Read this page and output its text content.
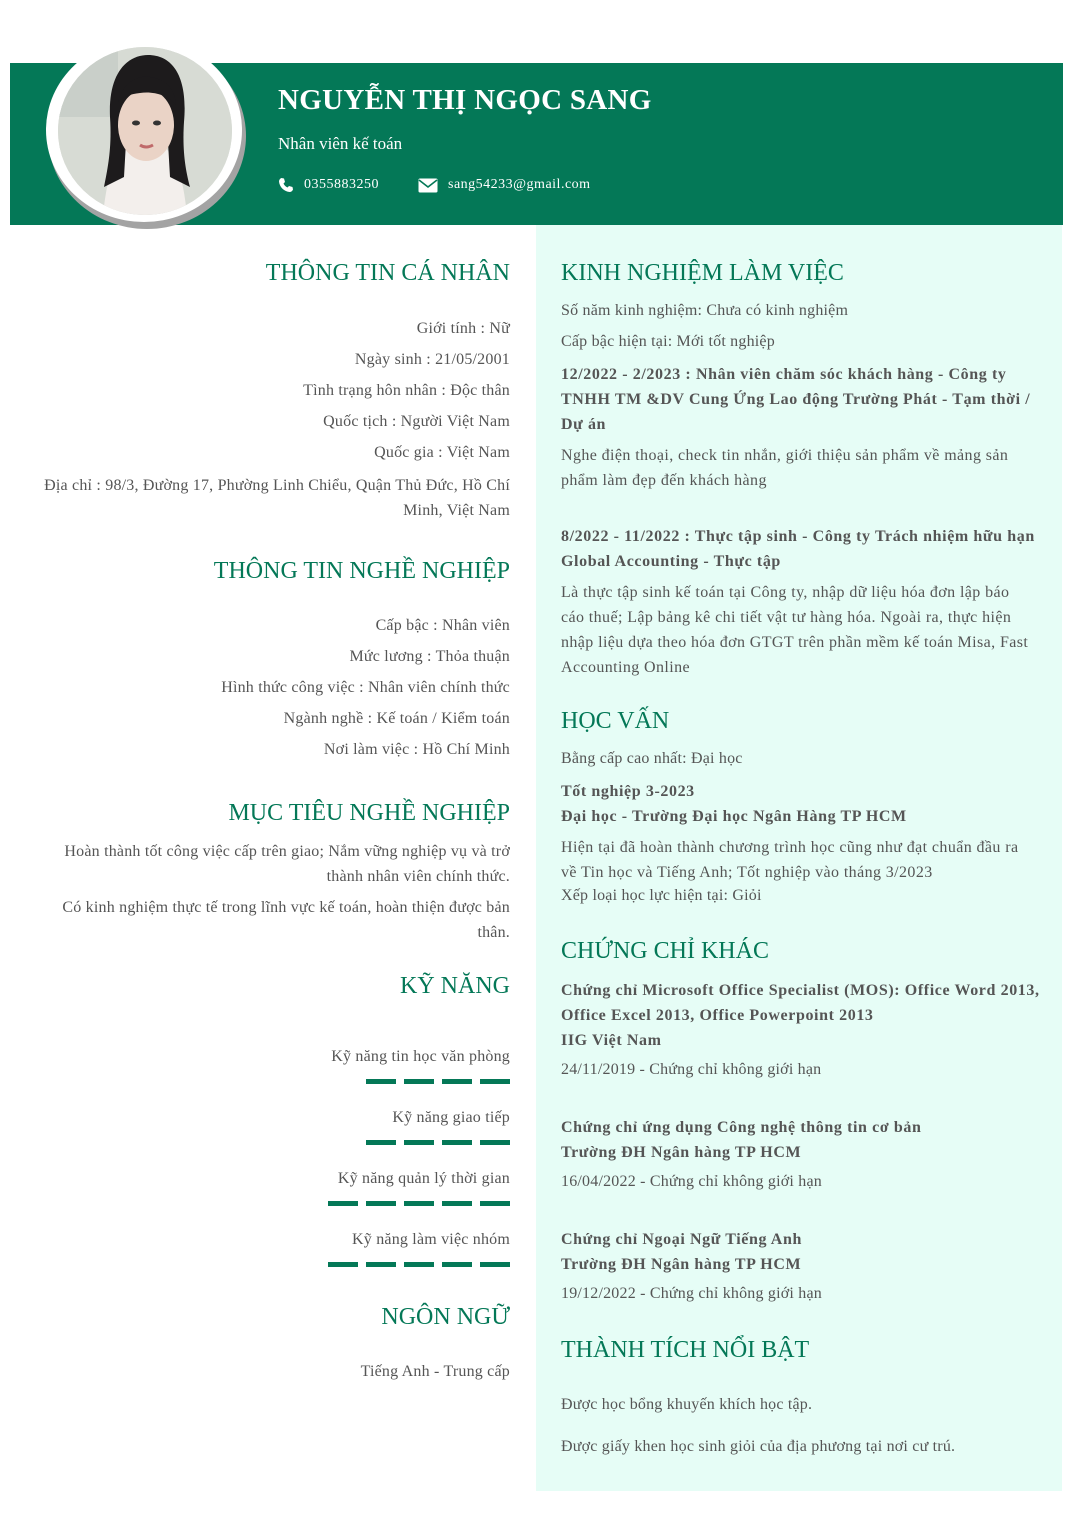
NGUYỄN THỊ NGỌC SANG
Nhân viên kế toán
0355883250	sang54233@gmail.com
THÔNG TIN CÁ NHÂN
Giới tính : Nữ
Ngày sinh : 21/05/2001
Tình trạng hôn nhân : Độc thân
Quốc tịch : Người Việt Nam
Quốc gia : Việt Nam
Địa chỉ : 98/3, Đường 17, Phường Linh Chiểu, Quận Thủ Đức, Hồ Chí Minh, Việt Nam
THÔNG TIN NGHỀ NGHIỆP
Cấp bậc : Nhân viên
Mức lương : Thỏa thuận
Hình thức công việc : Nhân viên chính thức
Ngành nghề : Kế toán / Kiểm toán
Nơi làm việc : Hồ Chí Minh
MỤC TIÊU NGHỀ NGHIỆP
Hoàn thành tốt công việc cấp trên giao; Nắm vững nghiệp vụ và trở thành nhân viên chính thức.
Có kinh nghiệm thực tế trong lĩnh vực kế toán, hoàn thiện được bản thân.
KỸ NĂNG
Kỹ năng tin học văn phòng
Kỹ năng giao tiếp
Kỹ năng quản lý thời gian
Kỹ năng làm việc nhóm
NGÔN NGỮ
Tiếng Anh - Trung cấp
KINH NGHIỆM LÀM VIỆC
Số năm kinh nghiệm: Chưa có kinh nghiệm
Cấp bậc hiện tại: Mới tốt nghiệp
12/2022 - 2/2023 : Nhân viên chăm sóc khách hàng - Công ty TNHH TM &DV Cung Ứng Lao động Trường Phát - Tạm thời / Dự án
Nghe điện thoại, check tin nhắn, giới thiệu sản phẩm về mảng sản phẩm làm đẹp đến khách hàng
8/2022 - 11/2022 : Thực tập sinh - Công ty Trách nhiệm hữu hạn Global Accounting - Thực tập
Là thực tập sinh kế toán tại Công ty, nhập dữ liệu hóa đơn lập báo cáo thuế; Lập bảng kê chi tiết vật tư hàng hóa. Ngoài ra, thực hiện nhập liệu dựa theo hóa đơn GTGT trên phần mềm kế toán Misa, Fast Accounting Online
HỌC VẤN
Bằng cấp cao nhất: Đại học
Tốt nghiệp 3-2023
Đại học - Trường Đại học Ngân Hàng TP HCM
Hiện tại đã hoàn thành chương trình học cũng như đạt chuẩn đầu ra về Tin học và Tiếng Anh; Tốt nghiệp vào tháng 3/2023
Xếp loại học lực hiện tại: Giỏi
CHỨNG CHỈ KHÁC
Chứng chỉ Microsoft Office Specialist (MOS): Office Word 2013, Office Excel 2013, Office Powerpoint 2013
IIG Việt Nam
24/11/2019 - Chứng chỉ không giới hạn
Chứng chỉ ứng dụng Công nghệ thông tin cơ bản
Trường ĐH Ngân hàng TP HCM
16/04/2022 - Chứng chỉ không giới hạn
Chứng chỉ Ngoại Ngữ Tiếng Anh
Trường ĐH Ngân hàng TP HCM
19/12/2022 - Chứng chỉ không giới hạn
THÀNH TÍCH NỔI BẬT
Được học bổng khuyến khích học tập.
Được giấy khen học sinh giỏi của địa phương tại nơi cư trú.
